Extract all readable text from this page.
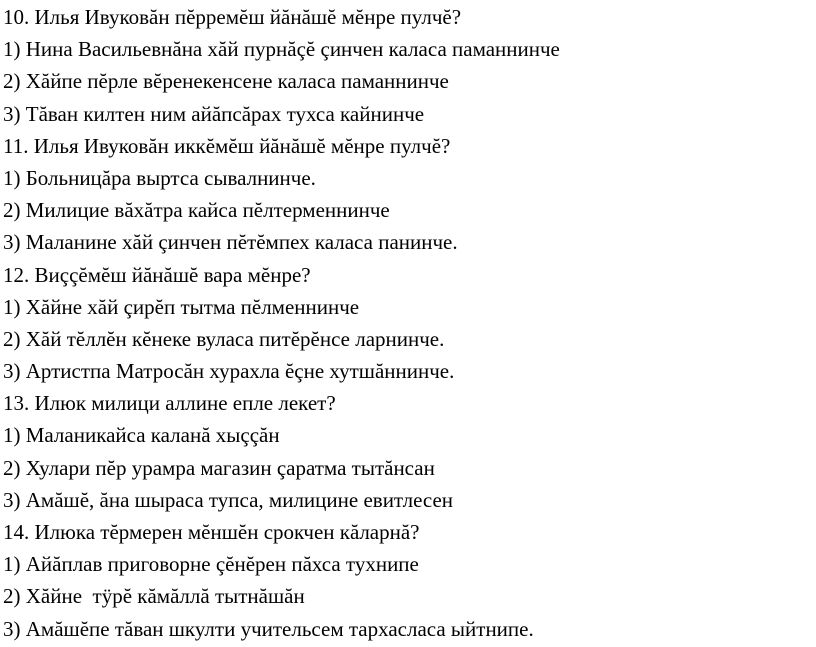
10. Илья Ивуковăн пĕрремĕш йăнăшĕ мĕнре пулчĕ?
1) Нина Васильевнăна хăй пурнăçĕ çинчен каласа паманнинче
2) Хăйпе пĕрле вĕренекенсене каласа паманнинче
3) Тăван килтен ним айăпсăрах тухса кайнинче
11. Илья Ивуковăн иккĕмĕш йăнăшĕ мĕнре пулчĕ?
1) Больницăра выртса сывалнинче.
2) Милицие вăхăтра кайса пĕлтерменнинче
3) Маланине хăй çинчен пĕтĕмпех каласа панинче.
12. Виççĕмĕш йăнăшĕ вара мĕнре?
1) Хăйне хăй çирĕп тытма пĕлменнинче
2) Хăй тĕллĕн кĕнеке вуласа питĕрĕнсе ларнинче.
3) Артистпа Матросăн хурахла ĕçне хутшăннинче.
13. Илюк милици аллине епле лекет?
1) Маланикайса каланă хыççăн
2) Хулари пĕр урамра магазин çаратма тытăнсан
3) Амăшĕ, ăна шыраса тупса, милицине евитлесен
14. Илюка тĕрмерен мĕншĕн срокчен кăларнă?
1) Айăплав приговорне çĕнĕрен пăхса тухнипе
2) Хăйне  тÿрĕ кăмăллă тытнăшăн
3) Амăшĕпе тăван шкулти учительсем тархасласа ыйтнипе.
